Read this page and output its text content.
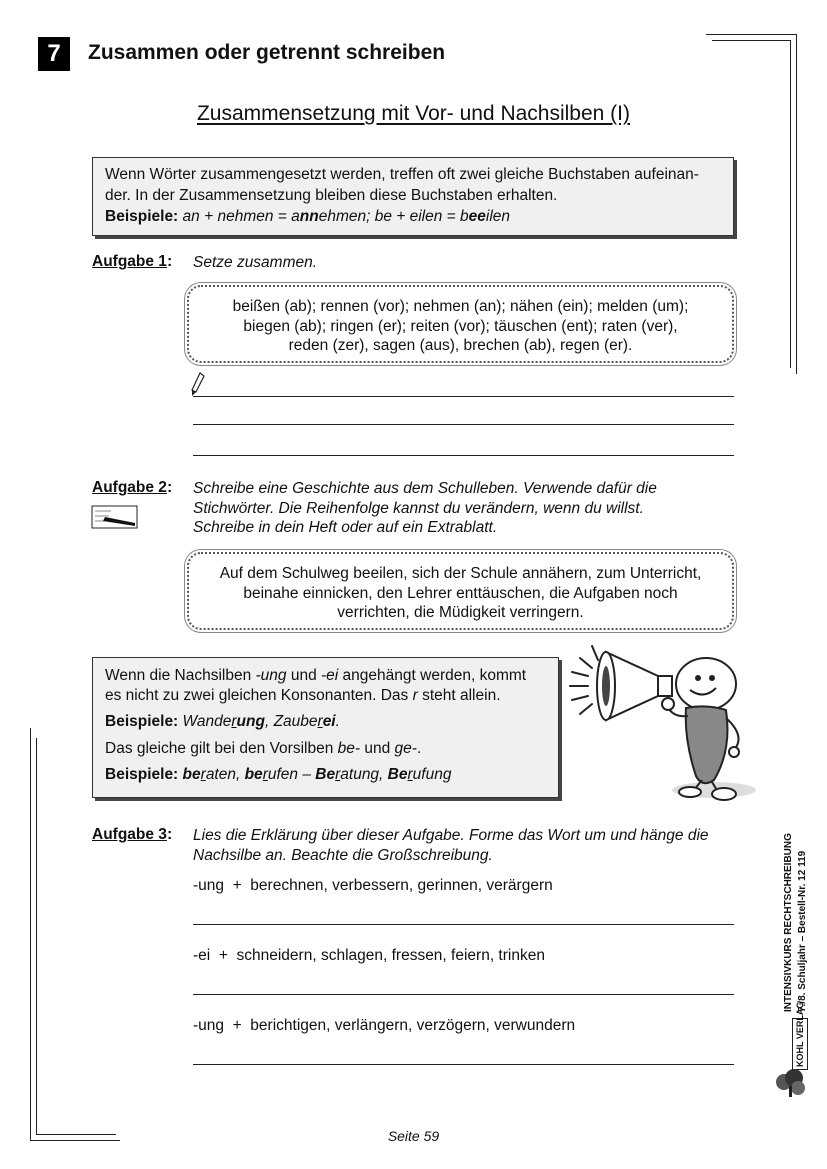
7	Zusammen oder getrennt schreiben
Zusammensetzung mit Vor- und Nachsilben (I)

Wenn Wörter zusammengesetzt werden, treffen oft zwei gleiche Buchstaben aufeinan-

der. In der Zusammensetzung bleiben diese Buchstaben erhalten.

Beispiele: an + nehmen = annehmen; be + eilen = beeilen

Aufgabe 1: Setze zusammen.
beißen (ab); rennen (vor); nehmen (an); nähen (ein); melden (um);
biegen (ab); ringen (er); reiten (vor); täuschen (ent); raten (ver),
reden (zer), sagen (aus), brechen (ab), regen (er).
Aufgabe 2: Schreibe eine Geschichte aus dem Schulleben. Verwende dafür die
Stichwörter. Die Reihenfolge kannst du verändern, wenn du willst.
Schreibe in dein Heft oder auf ein Extrablatt.
Auf dem Schulweg beeilen, sich der Schule annähern, zum Unterricht,
beinahe einnicken, den Lehrer enttäuschen, die Aufgaben noch
verrichten, die Müdigkeit verringern.

Wenn die Nachsilben -ung und -ei angehängt werden, kommt

es nicht zu zwei gleichen Konsonanten. Das r steht allein.

Beispiele: Wanderung, Zauberei.

Das gleiche gilt bei den Vorsilben be- und ge-.

Beispiele: beraten, berufen – Beratung, Berufung

Aufgabe 3: Lies die Erklärung über dieser Aufgabe. Forme das Wort um und hänge die
Nachsilbe an. Beachte die Großschreibung.
-ung  +  berechnen, verbessern, gerinnen, verärgern
-ei  +  schneidern, schlagen, fressen, feiern, trinken
-ung  +  berichtigen, verlängern, verzögern, verwundern
INTENSIVKURS RECHTSCHREIBUNG 7./8. Schuljahr – Bestell-Nr. 12 119
KOHL VERLAG
Seite 59
